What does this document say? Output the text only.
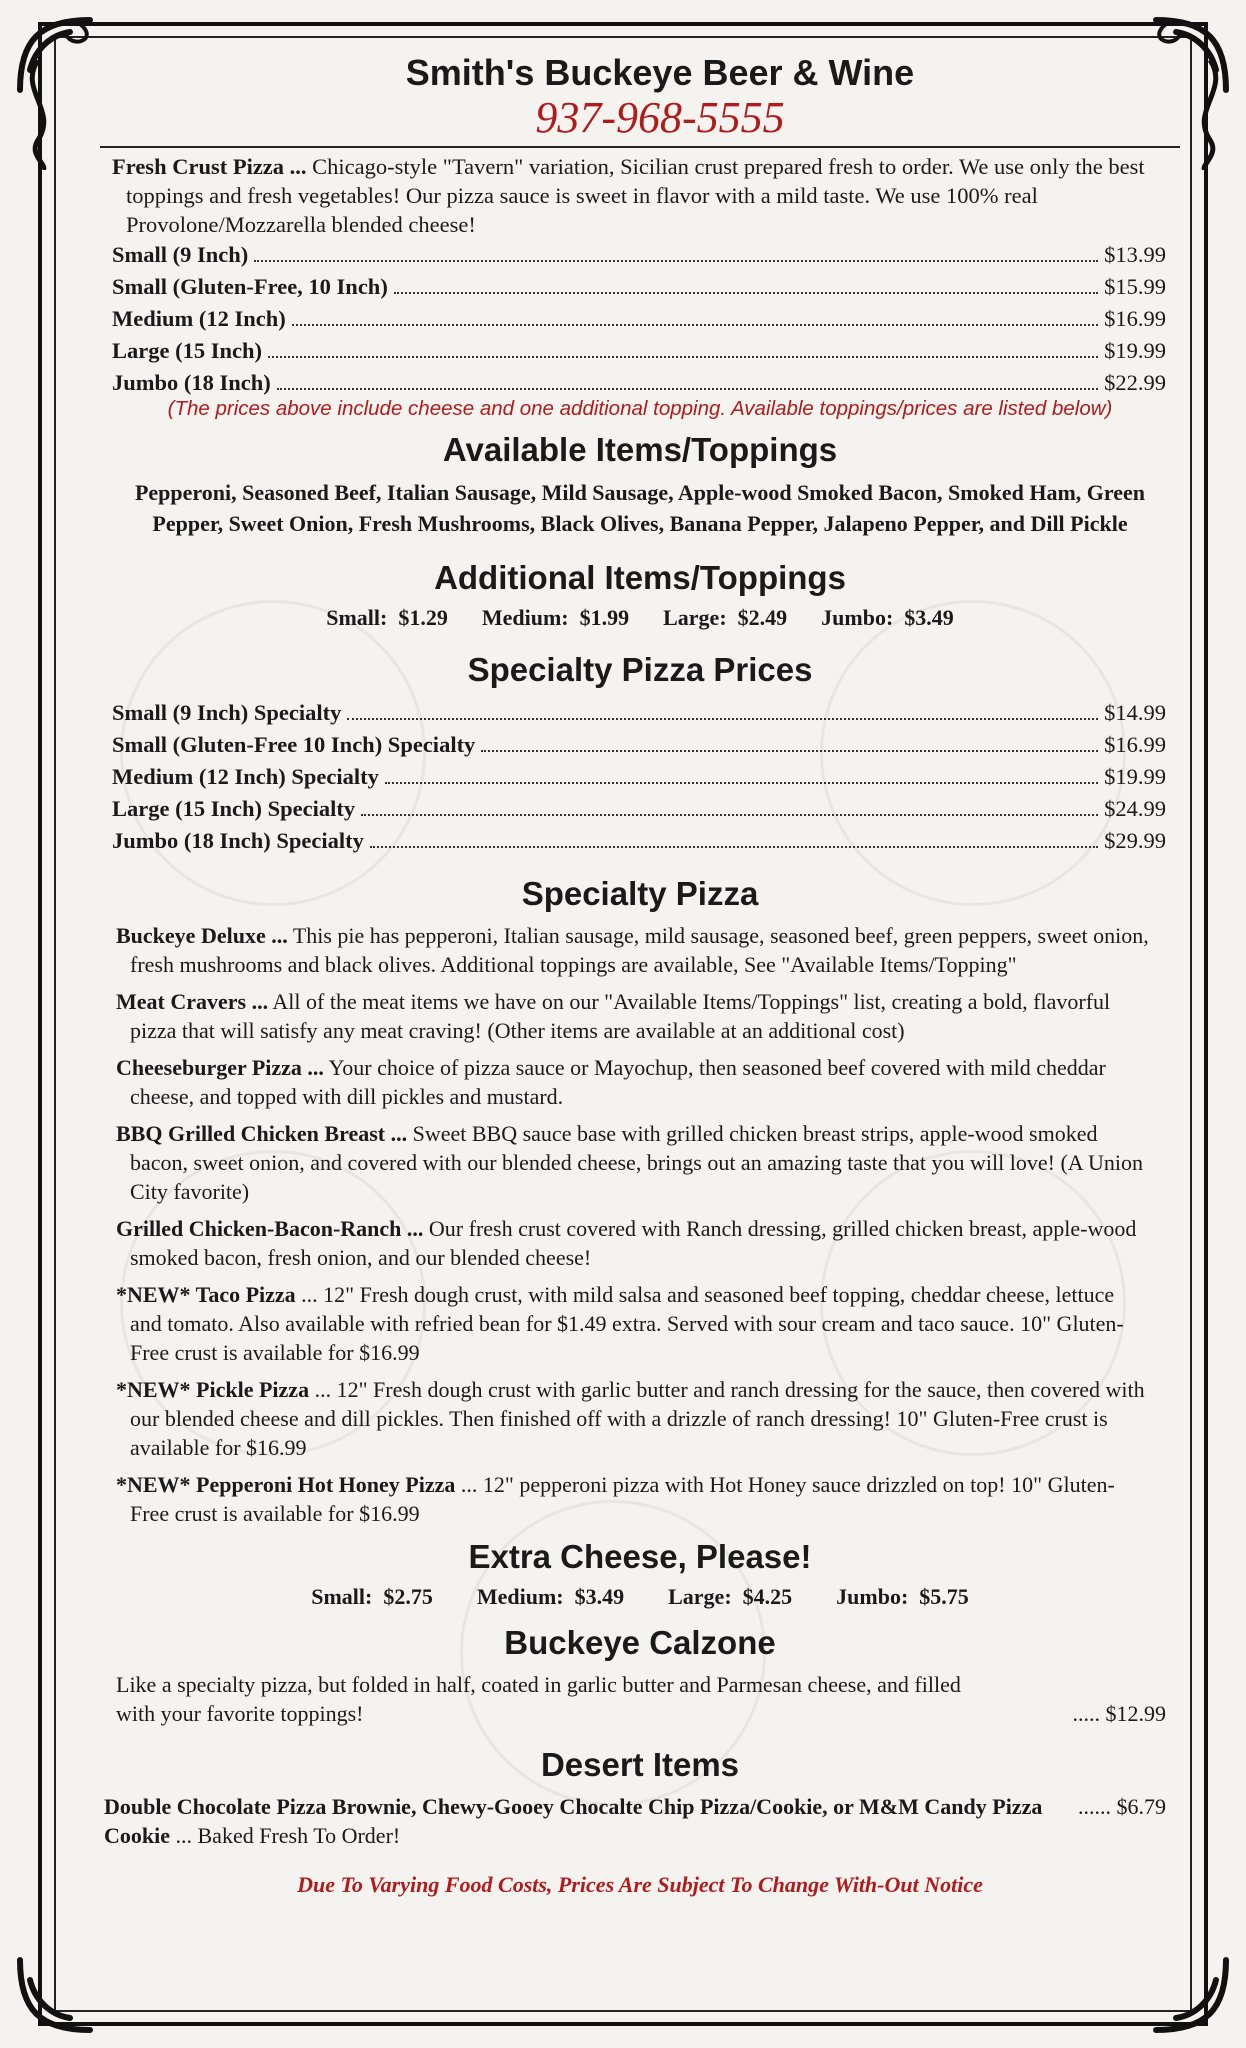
Smith's Buckeye Beer & Wine
937-968-5555
Fresh Crust Pizza ... Chicago-style "Tavern" variation, Sicilian crust prepared fresh to order. We use only the best toppings and fresh vegetables! Our pizza sauce is sweet in flavor with a mild taste. We use 100% real Provolone/Mozzarella blended cheese!
Small (9 Inch)	$13.99
Small (Gluten-Free, 10 Inch)	$15.99
Medium (12 Inch)	$16.99
Large (15 Inch)	$19.99
Jumbo (18 Inch)	$22.99
(The prices above include cheese and one additional topping. Available toppings/prices are listed below)
Available Items/Toppings
Pepperoni, Seasoned Beef, Italian Sausage, Mild Sausage, Apple-wood Smoked Bacon, Smoked Ham, Green Pepper, Sweet Onion, Fresh Mushrooms, Black Olives, Banana Pepper, Jalapeno Pepper, and Dill Pickle
Additional Items/Toppings
Small: $1.29 Medium: $1.99 Large: $2.49 Jumbo: $3.49
Specialty Pizza Prices
Small (9 Inch) Specialty	$14.99
Small (Gluten-Free 10 Inch) Specialty	$16.99
Medium (12 Inch) Specialty	$19.99
Large (15 Inch) Specialty	$24.99
Jumbo (18 Inch) Specialty	$29.99
Specialty Pizza
Buckeye Deluxe ... This pie has pepperoni, Italian sausage, mild sausage, seasoned beef, green peppers, sweet onion, fresh mushrooms and black olives. Additional toppings are available, See "Available Items/Topping"
Meat Cravers ... All of the meat items we have on our "Available Items/Toppings" list, creating a bold, flavorful pizza that will satisfy any meat craving! (Other items are available at an additional cost)
Cheeseburger Pizza ... Your choice of pizza sauce or Mayochup, then seasoned beef covered with mild cheddar cheese, and topped with dill pickles and mustard.
BBQ Grilled Chicken Breast ... Sweet BBQ sauce base with grilled chicken breast strips, apple-wood smoked bacon, sweet onion, and covered with our blended cheese, brings out an amazing taste that you will love! (A Union City favorite)
Grilled Chicken-Bacon-Ranch ... Our fresh crust covered with Ranch dressing, grilled chicken breast, apple-wood smoked bacon, fresh onion, and our blended cheese!
*NEW* Taco Pizza ... 12" Fresh dough crust, with mild salsa and seasoned beef topping, cheddar cheese, lettuce and tomato. Also available with refried bean for $1.49 extra. Served with sour cream and taco sauce. 10" Gluten-Free crust is available for $16.99
*NEW* Pickle Pizza ... 12" Fresh dough crust with garlic butter and ranch dressing for the sauce, then covered with our blended cheese and dill pickles. Then finished off with a drizzle of ranch dressing! 10" Gluten-Free crust is available for $16.99
*NEW* Pepperoni Hot Honey Pizza ... 12" pepperoni pizza with Hot Honey sauce drizzled on top! 10" Gluten-Free crust is available for $16.99
Extra Cheese, Please!
Small: $2.75 Medium: $3.49 Large: $4.25 Jumbo: $5.75
Buckeye Calzone
Like a specialty pizza, but folded in half, coated in garlic butter and Parmesan cheese, and filled with your favorite toppings!	..... $12.99
Desert Items
Double Chocolate Pizza Brownie, Chewy-Gooey Chocalte Chip Pizza/Cookie, or M&M Candy Pizza Cookie ... Baked Fresh To Order!
...... $6.79
Due To Varying Food Costs, Prices Are Subject To Change With-Out Notice
